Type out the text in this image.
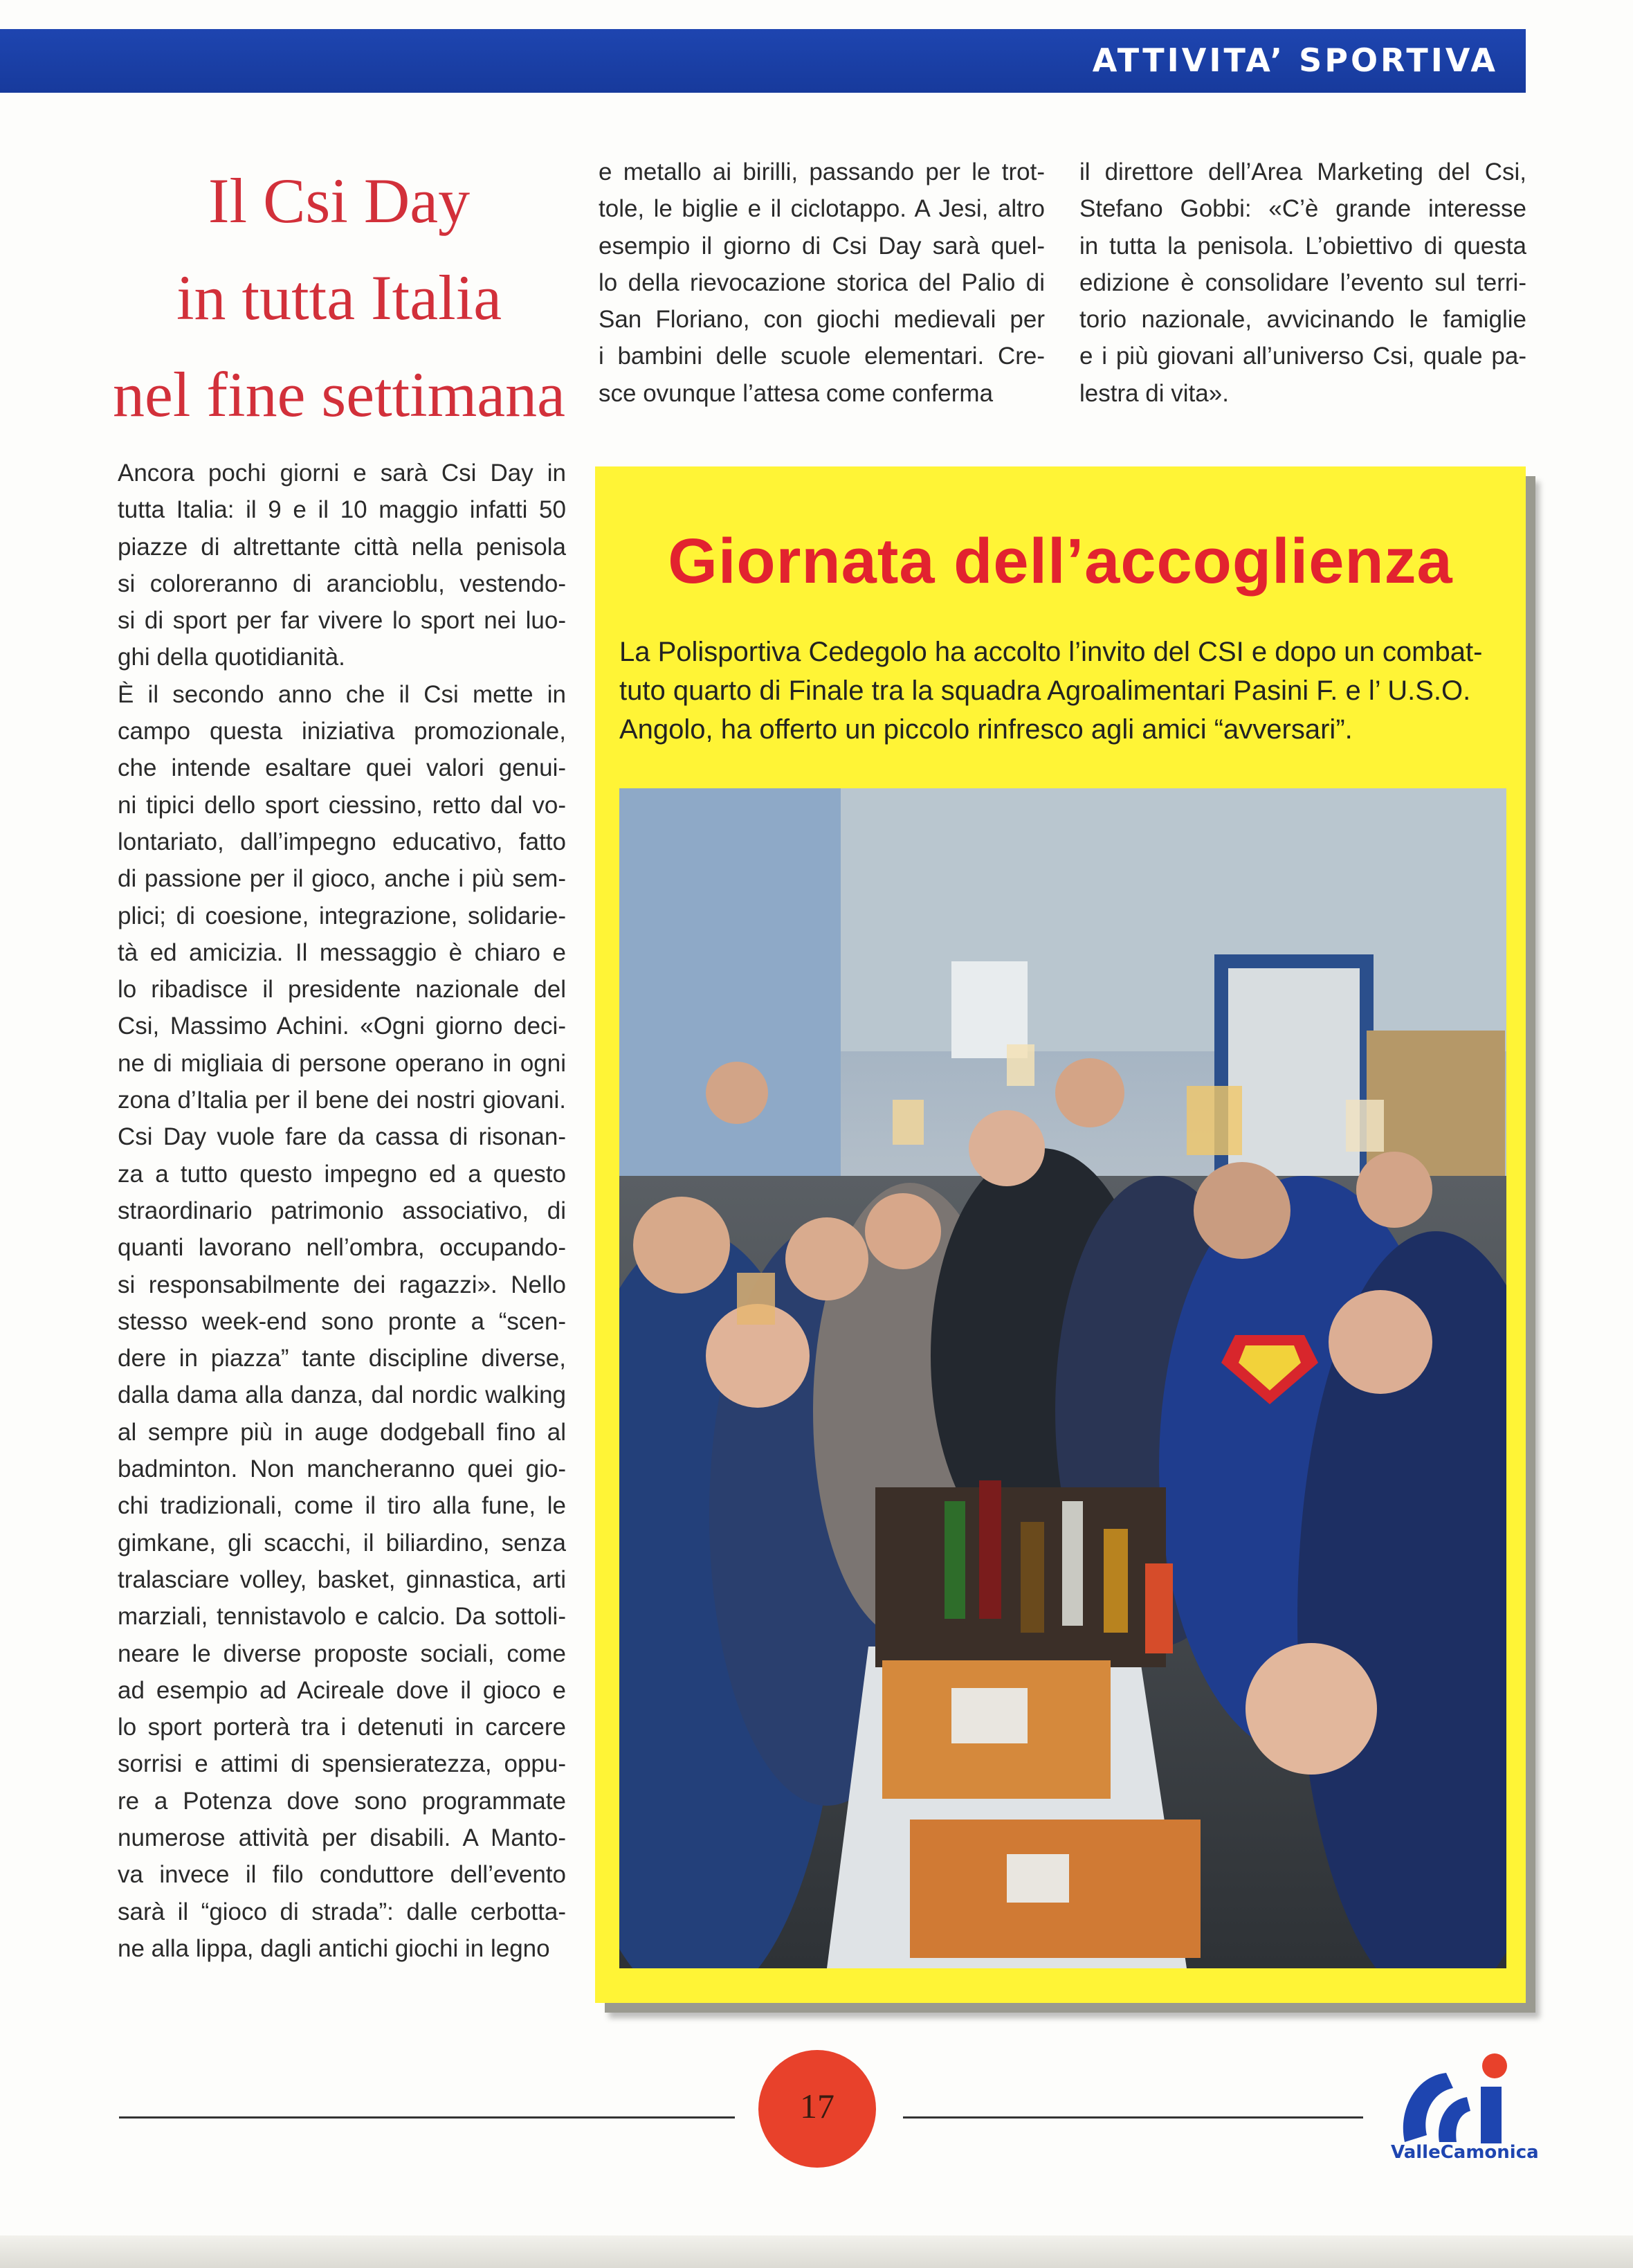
ATTIVITA’ SPORTIVA
Il Csi Day
in tutta Italia
nel fine settimana

Ancora pochi giorni e sarà Csi Day in

tutta Italia: il 9 e il 10 maggio infatti 50

piazze di altrettante città nella penisola

si coloreranno di arancioblu, vestendo-

si di sport per far vivere lo sport nei luo-

ghi della quotidianità.

È il secondo anno che il Csi mette in

campo questa iniziativa promozionale,

che intende esaltare quei valori genui-

ni tipici dello sport ciessino, retto dal vo-

lontariato, dall’impegno educativo, fatto

di passione per il gioco, anche i più sem-

plici; di coesione, integrazione, solidarie-

tà ed amicizia. Il messaggio è chiaro e

lo ribadisce il presidente nazionale del

Csi, Massimo Achini. «Ogni giorno deci-

ne di migliaia di persone operano in ogni

zona d’Italia per il bene dei nostri giovani.

Csi Day vuole fare da cassa di risonan-

za a tutto questo impegno ed a questo

straordinario patrimonio associativo, di

quanti lavorano nell’ombra, occupando-

si responsabilmente dei ragazzi». Nello

stesso week-end sono pronte a “scen-

dere in piazza” tante discipline diverse,

dalla dama alla danza, dal nordic walking

al sempre più in auge dodgeball fino al

badminton. Non mancheranno quei gio-

chi tradizionali, come il tiro alla fune, le

gimkane, gli scacchi, il biliardino, senza

tralasciare volley, basket, ginnastica, arti

marziali, tennistavolo e calcio. Da sottoli-

neare le diverse proposte sociali, come

ad esempio ad Acireale dove il gioco e

lo sport porterà tra i detenuti in carcere

sorrisi e attimi di spensieratezza, oppu-

re a Potenza dove sono programmate

numerose attività per disabili. A Manto-

va invece il filo conduttore dell’evento

sarà il “gioco di strada”: dalle cerbotta-

ne alla lippa, dagli antichi giochi in legno

e metallo ai birilli, passando per le trot-

tole, le biglie e il ciclotappo. A Jesi, altro

esempio il giorno di Csi Day sarà quel-

lo della rievocazione storica del Palio di

San Floriano, con giochi medievali per

i bambini delle scuole elementari. Cre-

sce ovunque l’attesa come conferma

il direttore dell’Area Marketing del Csi,

Stefano Gobbi: «C’è grande interesse

in tutta la penisola. L’obiettivo di questa

edizione è consolidare l’evento sul terri-

torio nazionale, avvicinando le famiglie

e i più giovani all’universo Csi, quale pa-

lestra di vita».

Giornata dell’accoglienza
La Polisportiva Cedegolo ha accolto l’invito del CSI e dopo un combat-
tuto quarto di Finale tra la squadra Agroalimentari Pasini F. e l’ U.S.O.
Angolo, ha offerto un piccolo rinfresco agli amici “avversari”.
17
ValleCamonica
